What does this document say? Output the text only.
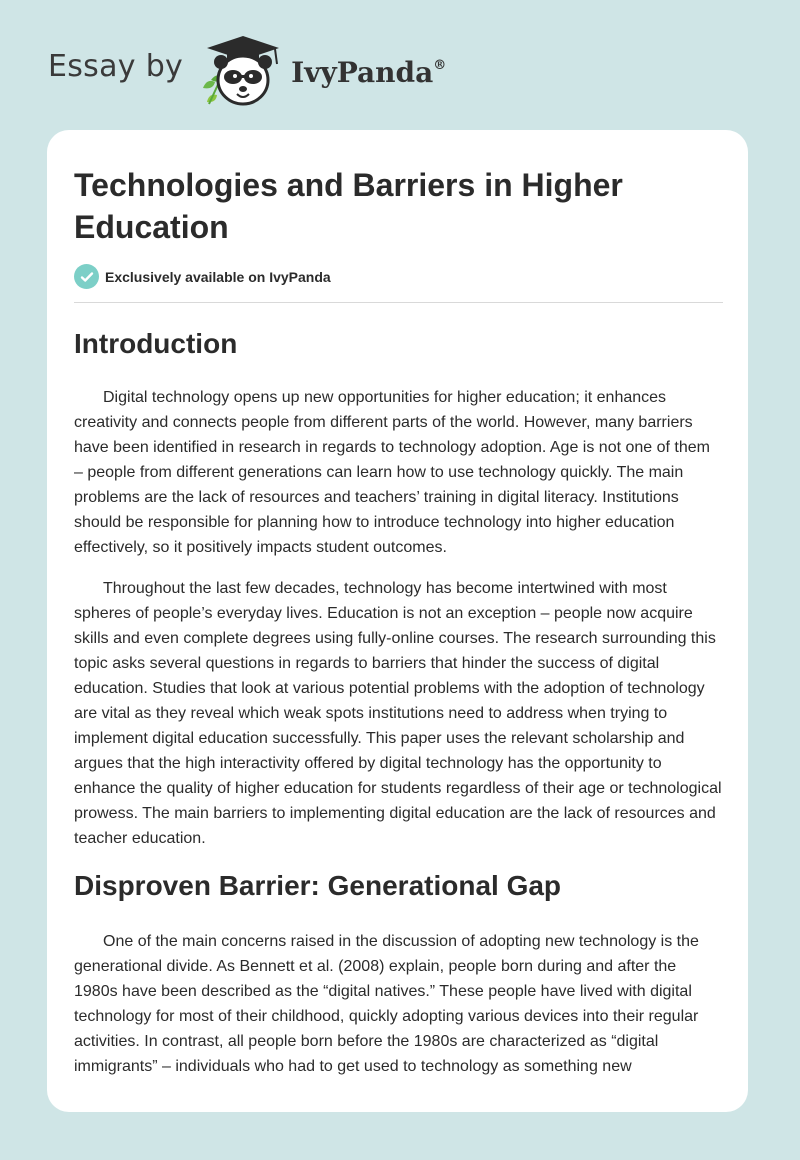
Essay by	IvyPanda®
Technologies and Barriers in Higher Education
Exclusively available on IvyPanda
Introduction

Digital technology opens up new opportunities for higher education; it enhances creativity and connects people from different parts of the world. However, many barriers have been identified in research in regards to technology adoption. Age is not one of them – people from different generations can learn how to use technology quickly. The main problems are the lack of resources and teachers’ training in digital literacy. Institutions should be responsible for planning how to introduce technology into higher education effectively, so it positively impacts student outcomes.

Throughout the last few decades, technology has become intertwined with most spheres of people’s everyday lives. Education is not an exception – people now acquire skills and even complete degrees using fully-online courses. The research surrounding this topic asks several questions in regards to barriers that hinder the success of digital education. Studies that look at various potential problems with the adoption of technology are vital as they reveal which weak spots institutions need to address when trying to implement digital education successfully. This paper uses the relevant scholarship and argues that the high interactivity offered by digital technology has the opportunity to enhance the quality of higher education for students regardless of their age or technological prowess. The main barriers to implementing digital education are the lack of resources and teacher education.

Disproven Barrier: Generational Gap

One of the main concerns raised in the discussion of adopting new technology is the generational divide. As Bennett et al. (2008) explain, people born during and after the 1980s have been described as the “digital natives.” These people have lived with digital technology for most of their childhood, quickly adopting various devices into their regular activities. In contrast, all people born before the 1980s are characterized as “digital immigrants” – individuals who had to get used to technology as something new
